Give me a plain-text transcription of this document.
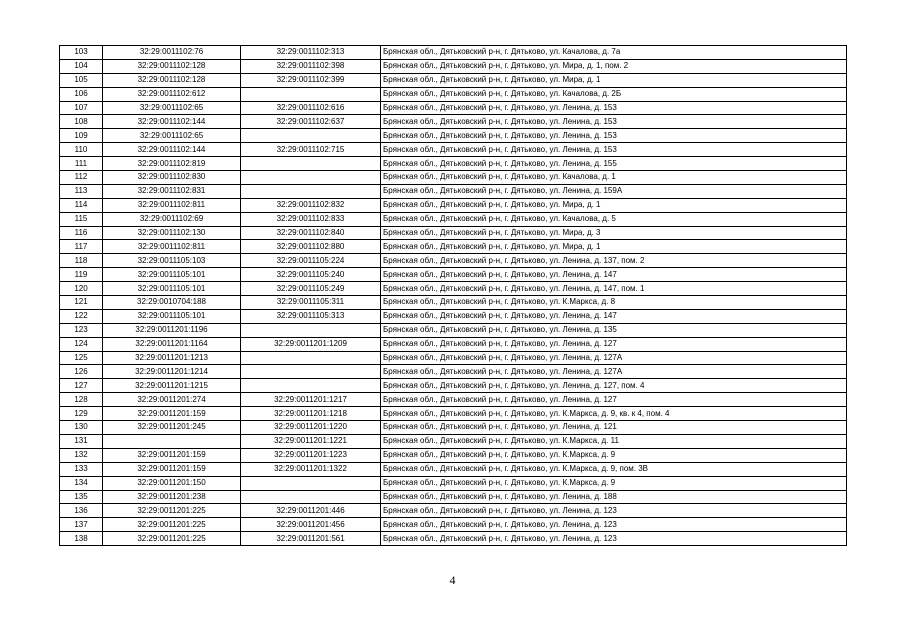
103	32:29:0011102:76	32:29:0011102:313	Брянская обл., Дятьковский р-н, г. Дятьково, ул. Качалова, д. 7а
104	32:29:0011102:128	32:29:0011102:398	Брянская обл., Дятьковский р-н, г. Дятьково, ул. Мира, д. 1, пом. 2
105	32:29:0011102:128	32:29:0011102:399	Брянская обл., Дятьковский р-н, г. Дятьково, ул. Мира, д. 1
106	32:29:0011102:612		Брянская обл., Дятьковский р-н, г. Дятьково, ул. Качалова, д. 2Б
107	32:29:0011102:65	32:29:0011102:616	Брянская обл., Дятьковский р-н, г. Дятьково, ул. Ленина, д. 153
108	32:29:0011102:144	32:29:0011102:637	Брянская обл., Дятьковский р-н, г. Дятьково, ул. Ленина, д. 153
109	32:29:0011102:65		Брянская обл., Дятьковский р-н, г. Дятьково, ул. Ленина, д. 153
110	32:29:0011102:144	32:29:0011102:715	Брянская обл., Дятьковский р-н, г. Дятьково, ул. Ленина, д. 153
111	32:29:0011102:819		Брянская обл., Дятьковский р-н, г. Дятьково, ул. Ленина, д. 155
112	32:29:0011102:830		Брянская обл., Дятьковский р-н, г. Дятьково, ул. Качалова, д. 1
113	32:29:0011102:831		Брянская обл., Дятьковский р-н, г. Дятьково, ул. Ленина, д. 159А
114	32:29:0011102:811	32:29:0011102:832	Брянская обл., Дятьковский р-н, г. Дятьково, ул. Мира, д. 1
115	32:29:0011102:69	32:29:0011102:833	Брянская обл., Дятьковский р-н, г. Дятьково, ул. Качалова, д. 5
116	32:29:0011102:130	32:29:0011102:840	Брянская обл., Дятьковский р-н, г. Дятьково, ул. Мира, д. 3
117	32:29:0011102:811	32:29:0011102:880	Брянская обл., Дятьковский р-н, г. Дятьково, ул. Мира, д. 1
118	32:29:0011105:103	32:29:0011105:224	Брянская обл., Дятьковский р-н, г. Дятьково, ул. Ленина, д. 137, пом. 2
119	32:29:0011105:101	32:29:0011105:240	Брянская обл., Дятьковский р-н, г. Дятьково, ул. Ленина, д. 147
120	32:29:0011105:101	32:29:0011105:249	Брянская обл., Дятьковский р-н, г. Дятьково, ул. Ленина, д. 147, пом. 1
121	32:29:0010704:188	32:29:0011105:311	Брянская обл., Дятьковский р-н, г. Дятьково, ул. К.Маркса, д. 8
122	32:29:0011105:101	32:29:0011105:313	Брянская обл., Дятьковский р-н, г. Дятьково, ул. Ленина, д. 147
123	32:29:0011201:1196		Брянская обл., Дятьковский р-н, г. Дятьково, ул. Ленина, д. 135
124	32:29:0011201:1164	32:29:0011201:1209	Брянская обл., Дятьковский р-н, г. Дятьково, ул. Ленина, д. 127
125	32:29:0011201:1213		Брянская обл., Дятьковский р-н, г. Дятьково, ул. Ленина, д. 127А
126	32:29:0011201:1214		Брянская обл., Дятьковский р-н, г. Дятьково, ул. Ленина, д. 127А
127	32:29:0011201:1215		Брянская обл., Дятьковский р-н, г. Дятьково, ул. Ленина, д. 127, пом. 4
128	32:29:0011201:274	32:29:0011201:1217	Брянская обл., Дятьковский р-н, г. Дятьково, ул. Ленина, д. 127
129	32:29:0011201:159	32:29:0011201:1218	Брянская обл., Дятьковский р-н, г. Дятьково, ул. К.Маркса, д. 9, кв. к 4, пом. 4
130	32:29:0011201:245	32:29:0011201:1220	Брянская обл., Дятьковский р-н, г. Дятьково, ул. Ленина, д. 121
131		32:29:0011201:1221	Брянская обл., Дятьковский р-н, г. Дятьково, ул. К.Маркса, д. 11
132	32:29:0011201:159	32:29:0011201:1223	Брянская обл., Дятьковский р-н, г. Дятьково, ул. К.Маркса, д. 9
133	32:29:0011201:159	32:29:0011201:1322	Брянская обл., Дятьковский р-н, г. Дятьково, ул. К.Маркса, д. 9, пом. 3В
134	32:29:0011201:150		Брянская обл., Дятьковский р-н, г. Дятьково, ул. К.Маркса, д. 9
135	32:29:0011201:238		Брянская обл., Дятьковский р-н, г. Дятьково, ул. Ленина, д. 188
136	32:29:0011201:225	32:29:0011201:446	Брянская обл., Дятьковский р-н, г. Дятьково, ул. Ленина, д. 123
137	32:29:0011201:225	32:29:0011201:456	Брянская обл., Дятьковский р-н, г. Дятьково, ул. Ленина, д. 123
138	32:29:0011201:225	32:29:0011201:561	Брянская обл., Дятьковский р-н, г. Дятьково, ул. Ленина, д. 123
4
